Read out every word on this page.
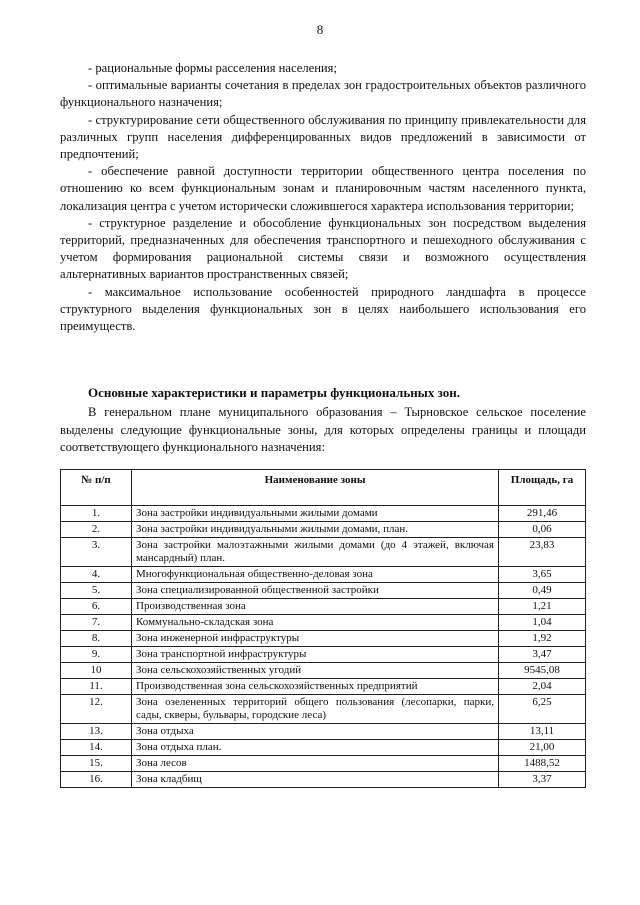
8

- рациональные формы расселения населения;

- оптимальные варианты сочетания в пределах зон градостроительных объектов различного функционального назначения;

- структурирование сети общественного обслуживания по принципу привлекательности для различных групп населения дифференцированных видов предложений в зависимости от предпочтений;

- обеспечение равной доступности территории общественного центра поселения по отношению ко всем функциональным зонам и планировочным частям населенного пункта, локализация центра с учетом исторически сложившегося характера использования территории;

- структурное разделение и обособление функциональных зон посредством выделения территорий, предназначенных для обеспечения транспортного и пешеходного обслуживания с учетом формирования рациональной системы связи и возможного осуществления альтернативных вариантов пространственных связей;

- максимальное использование особенностей природного ландшафта в процессе структурного выделения функциональных зон в целях наибольшего использования его преимуществ.

Основные характеристики и параметры функциональных зон.

В генеральном плане муниципального образования – Тырновское сельское поселение выделены следующие функциональные зоны, для которых определены границы и площади соответствующего функционального назначения:

№ п/п	Наименование зоны	Площадь, га
1.	Зона застройки индивидуальными жилыми домами	291,46
2.	Зона застройки индивидуальными жилыми домами, план.	0,06
3.	Зона застройки малоэтажными жилыми домами (до 4 этажей, включая мансардный) план.	23,83
4.	Многофункциональная общественно-деловая зона	3,65
5.	Зона специализированной общественной застройки	0,49
6.	Производственная зона	1,21
7.	Коммунально-складская зона	1,04
8.	Зона инженерной инфраструктуры	1,92
9.	Зона транспортной инфраструктуры	3,47
10	Зона сельскохозяйственных угодий	9545,08
11.	Производственная зона сельскохозяйственных предприятий	2,04
12.	Зона озелененных территорий общего пользования (лесопарки, парки, сады, скверы, бульвары, городские леса)	6,25
13.	Зона отдыха	13,11
14.	Зона отдыха план.	21,00
15.	Зона лесов	1488,52
16.	Зона кладбищ	3,37
